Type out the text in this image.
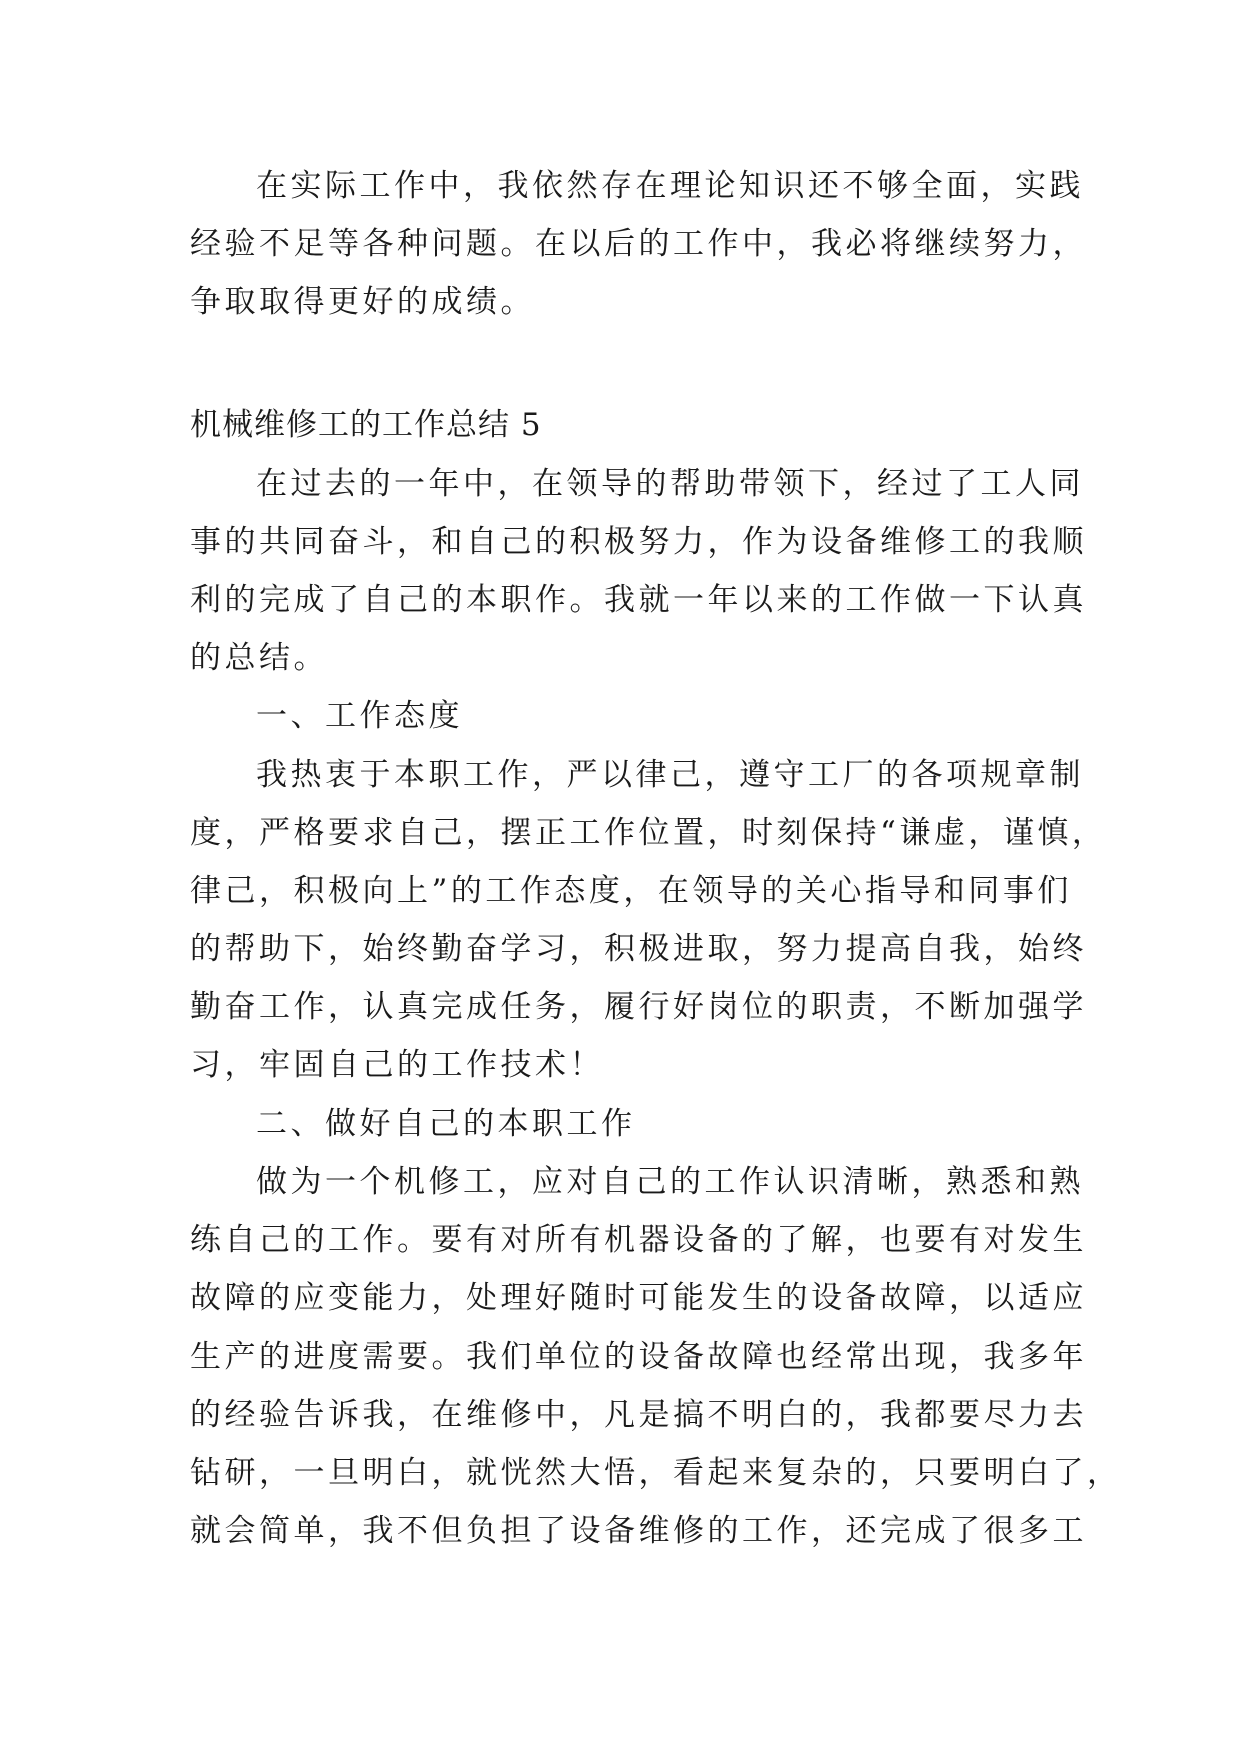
在实际工作中，我依然存在理论知识还不够全面，实践
经验不足等各种问题。在以后的工作中，我必将继续努力，
争取取得更好的成绩。
机械维修工的工作总结 5
在过去的一年中，在领导的帮助带领下，经过了工人同
事的共同奋斗，和自己的积极努力，作为设备维修工的我顺
利的完成了自己的本职作。我就一年以来的工作做一下认真
的总结。
一、工作态度
我热衷于本职工作，严以律己，遵守工厂的各项规章制
度，严格要求自己，摆正工作位置，时刻保持“谦虚，谨慎，
律己，积极向上”的工作态度，在领导的关心指导和同事们
的帮助下，始终勤奋学习，积极进取，努力提高自我，始终
勤奋工作，认真完成任务，履行好岗位的职责，不断加强学
习，牢固自己的工作技术！
二、做好自己的本职工作
做为一个机修工，应对自己的工作认识清晰，熟悉和熟
练自己的工作。要有对所有机器设备的了解，也要有对发生
故障的应变能力，处理好随时可能发生的设备故障，以适应
生产的进度需要。我们单位的设备故障也经常出现，我多年
的经验告诉我，在维修中，凡是搞不明白的，我都要尽力去
钻研，一旦明白，就恍然大悟，看起来复杂的，只要明白了，
就会简单，我不但负担了设备维修的工作，还完成了很多工
